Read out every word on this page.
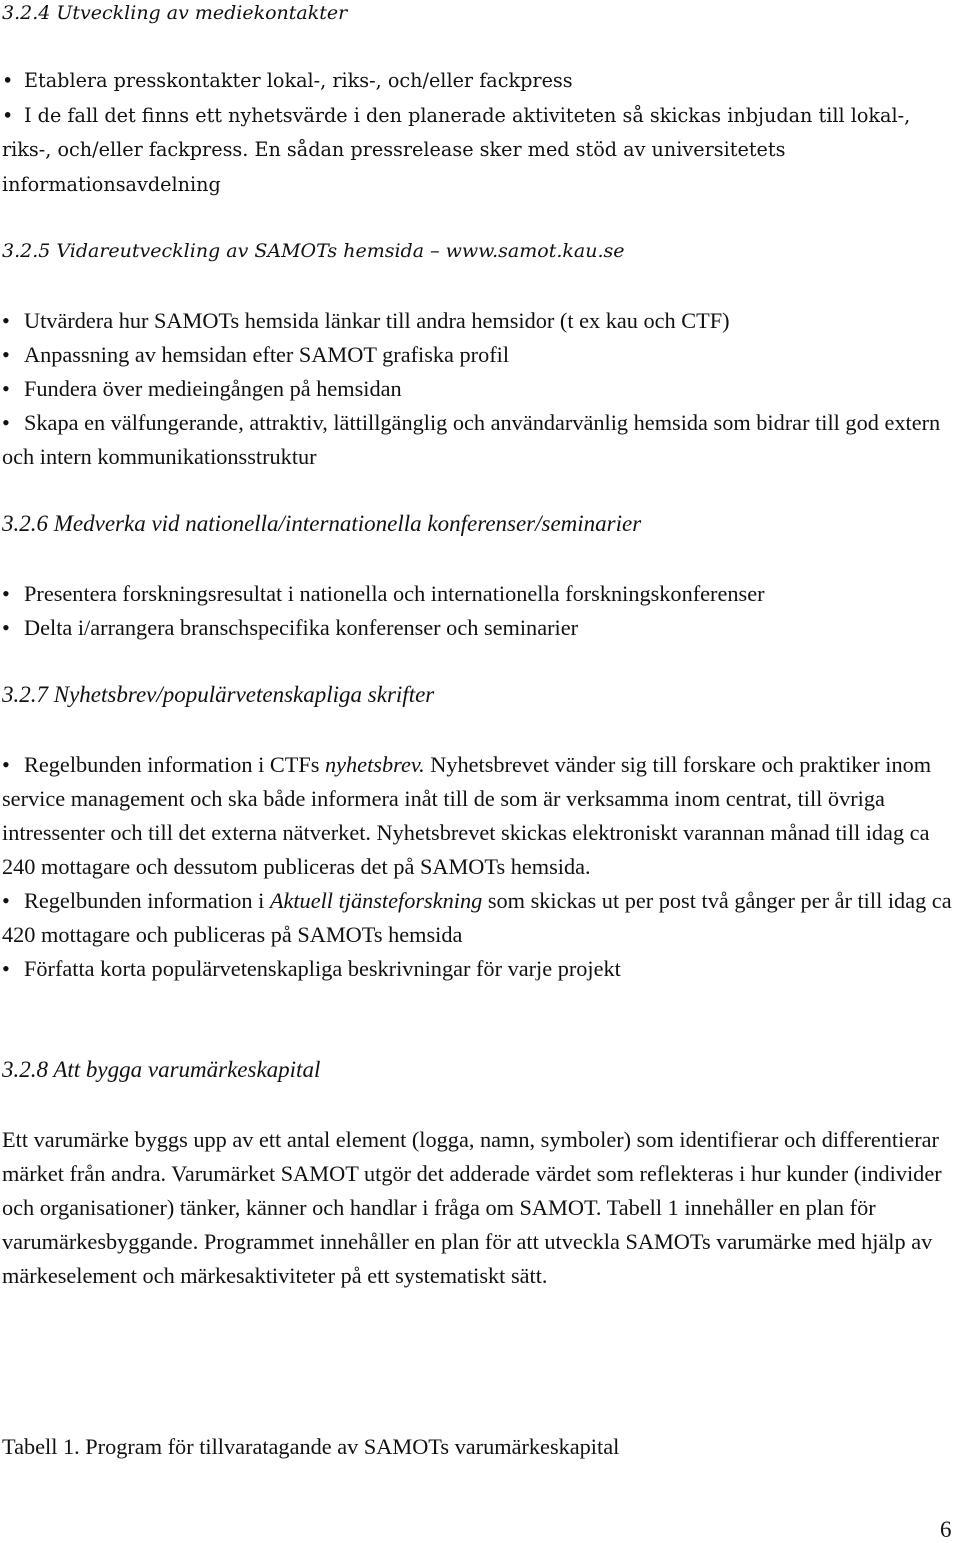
3.2.4 Utveckling av mediekontakter
• Etablera presskontakter lokal-, riks-, och/eller fackpress
• I de fall det finns ett nyhetsvärde i den planerade aktiviteten så skickas inbjudan till lokal-, riks-, och/eller fackpress. En sådan pressrelease sker med stöd av universitetets informationsavdelning
3.2.5 Vidareutveckling av SAMOTs hemsida – www.samot.kau.se
• Utvärdera hur SAMOTs hemsida länkar till andra hemsidor (t ex kau och CTF)
• Anpassning av hemsidan efter SAMOT grafiska profil
• Fundera över medieingången på hemsidan
• Skapa en välfungerande, attraktiv, lättillgänglig och användarvänlig hemsida som bidrar till god extern och intern kommunikationsstruktur
3.2.6 Medverka vid nationella/internationella konferenser/seminarier
• Presentera forskningsresultat i nationella och internationella forskningskonferenser
• Delta i/arrangera branschspecifika konferenser och seminarier
3.2.7 Nyhetsbrev/populärvetenskapliga skrifter
• Regelbunden information i CTFs nyhetsbrev. Nyhetsbrevet vänder sig till forskare och praktiker inom service management och ska både informera inåt till de som är verksamma inom centrat, till övriga intressenter och till det externa nätverket. Nyhetsbrevet skickas elektroniskt varannan månad till idag ca 240 mottagare och dessutom publiceras det på SAMOTs hemsida.
• Regelbunden information i Aktuell tjänsteforskning som skickas ut per post två gånger per år till idag ca 420 mottagare och publiceras på SAMOTs hemsida
• Författa korta populärvetenskapliga beskrivningar för varje projekt
3.2.8 Att bygga varumärkeskapital
Ett varumärke byggs upp av ett antal element (logga, namn, symboler) som identifierar och differentierar märket från andra. Varumärket SAMOT utgör det adderade värdet som reflekteras i hur kunder (individer och organisationer) tänker, känner och handlar i fråga om SAMOT. Tabell 1 innehåller en plan för varumärkesbyggande. Programmet innehåller en plan för att utveckla SAMOTs varumärke med hjälp av märkeselement och märkesaktiviteter på ett systematiskt sätt.
Tabell 1. Program för tillvaratagande av SAMOTs varumärkeskapital
6
